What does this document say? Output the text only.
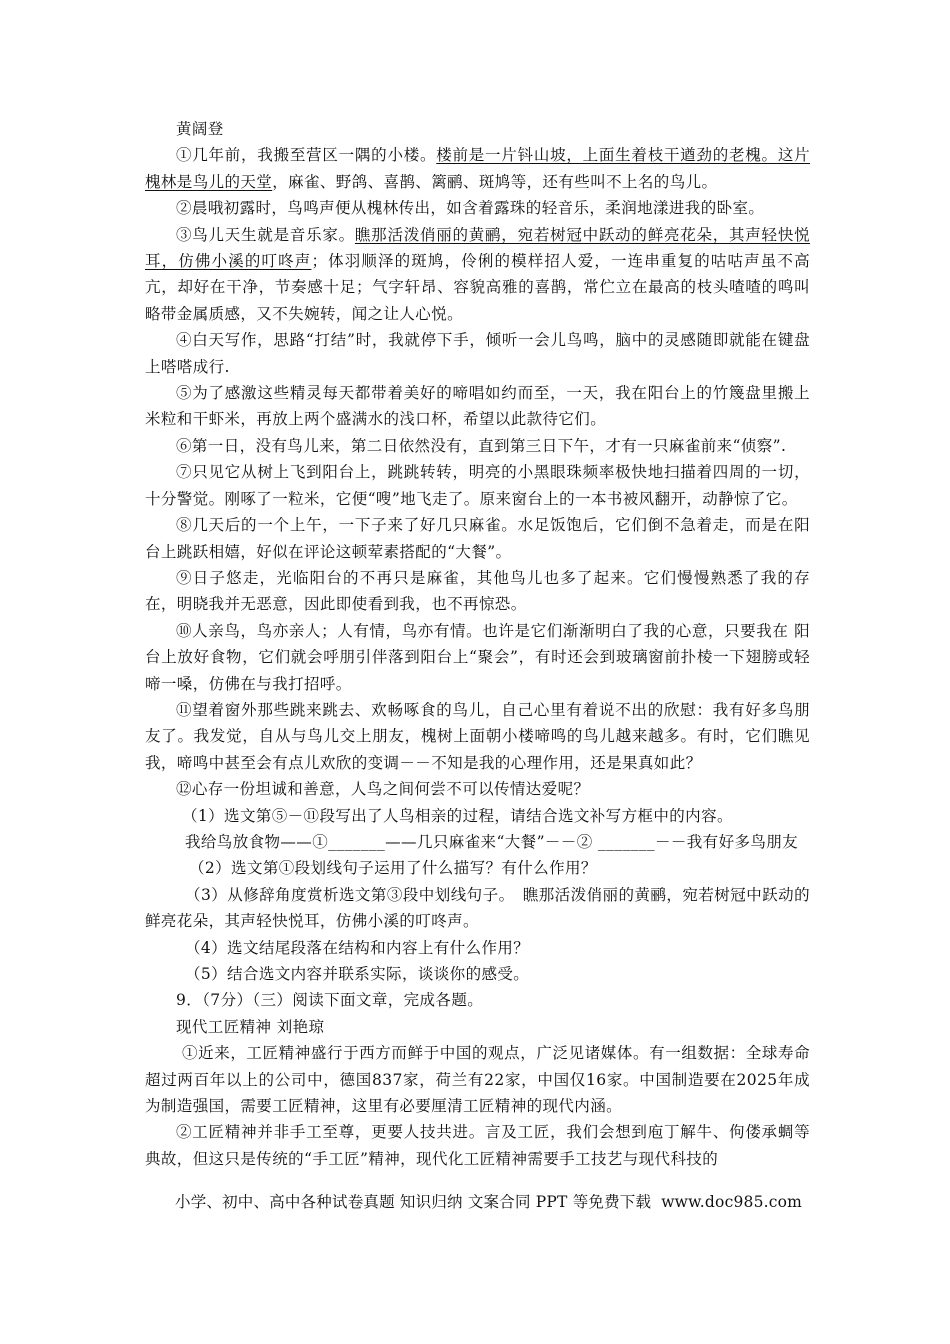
黄阔登

①几年前，我搬至营区一隅的小楼。楼前是一片钭山坡，上面生着枝干遒劲的老槐。这片槐林是鸟儿的天堂，麻雀、野鸽、喜鹊、篱鹂、斑鸠等，还有些叫不上名的鸟儿。

②晨哦初露时，鸟鸣声便从槐林传出，如含着露珠的轻音乐，柔润地漾进我的卧室。

③鸟儿天生就是音乐家。瞧那活泼俏丽的黄鹂，宛若树冠中跃动的鲜亮花朵，其声轻快悦耳，仿佛小溪的叮咚声；体羽顺泽的斑鸠，伶俐的模样招人爱，一连串重复的咕咕声虽不高亢，却好在干净，节奏感十足；气字轩昂、容貌高雅的喜鹊，常伫立在最高的枝头喳喳的鸣叫略带金属质感，又不失婉转，闻之让人心悦。

④白天写作，思路“打结”时，我就停下手，倾听一会儿鸟鸣，脑中的灵感随即就能在键盘上嗒嗒成行.

⑤为了感激这些精灵每天都带着美好的啼唱如约而至，一天，我在阳台上的竹篾盘里搬上米粒和干虾米，再放上两个盛满水的浅口杯，希望以此款待它们。

⑥第一日，没有鸟儿来，第二日依然没有，直到第三日下午，才有一只麻雀前来“侦察”.

⑦只见它从树上飞到阳台上，跳跳转转，明亮的小黑眼珠频率极快地扫描着四周的一切，十分警觉。刚啄了一粒米，它便“嗖”地飞走了。原来窗台上的一本书被风翻开，动静惊了它。

⑧几天后的一个上午，一下子来了好几只麻雀。水足饭饱后，它们倒不急着走，而是在阳台上跳跃相嬉，好似在评论这顿荤素搭配的“大餐”。

⑨日子悠走，光临阳台的不再只是麻雀，其他鸟儿也多了起来。它们慢慢熟悉了我的存在，明晓我并无恶意，因此即使看到我，也不再惊恐。

⑩人亲鸟，鸟亦亲人；人有情，鸟亦有情。也许是它们渐渐明白了我的心意，只要我在 阳台上放好食物，它们就会呼朋引伴落到阳台上“聚会”，有时还会到玻璃窗前扑棱一下翅膀或轻啼一嗓，仿佛在与我打招呼。

⑪望着窗外那些跳来跳去、欢畅啄食的鸟儿，自己心里有着说不出的欣慰：我有好多鸟朋友了。我发觉，自从与鸟儿交上朋友，槐树上面朝小楼啼鸣的鸟儿越来越多。有时，它们瞧见我，啼鸣中甚至会有点儿欢欣的变调－－不知是我的心理作用，还是果真如此？

⑫心存一份坦诚和善意，人鸟之间何尝不可以传情达爱呢？

（1）选文第⑤－⑪段写出了人鸟相亲的过程，请结合选文补写方框中的内容。

我给鸟放食物——①_______——几只麻雀来“大餐”－－② _______－－我有好多鸟朋友

（2）选文第①段划线句子运用了什么描写？有什么作用？

（3）从修辞角度赏析选文第③段中划线句子。　瞧那活泼俏丽的黄鹂，宛若树冠中跃动的鲜亮花朵，其声轻快悦耳，仿佛小溪的叮咚声。

（4）选文结尾段落在结构和内容上有什么作用？

（5）结合选文内容并联系实际，谈谈你的感受。

9．（7分）（三）阅读下面文章，完成各题。

现代工匠精神 刘艳琼

①近来，工匠精神盛行于西方而鲜于中国的观点，广泛见诸媒体。有一组数据：全球寿命超过两百年以上的公司中，德国837家，荷兰有22家，中国仅16家。中国制造要在2025年成为制造强国，需要工匠精神，这里有必要厘清工匠精神的现代内涵。

②工匠精神并非手工至尊，更要人技共进。言及工匠，我们会想到庖丁解牛、佝偻承蜩等典故，但这只是传统的“手工匠”精神，现代化工匠精神需要手工技艺与现代科技的

小学、初中、高中各种试卷真题 知识归纳 文案合同 PPT 等免费下载 www.doc985.com
